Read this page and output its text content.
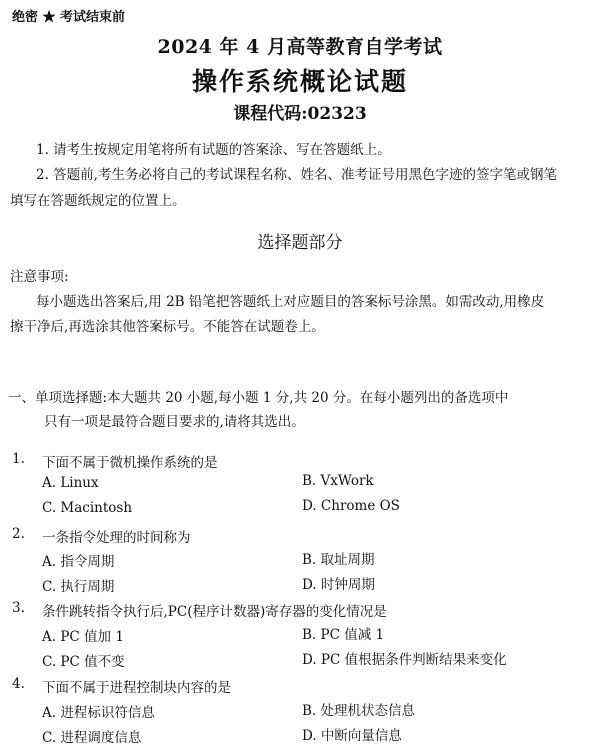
绝密 ★ 考试结束前
2024 年 4 月高等教育自学考试
操作系统概论试题
课程代码:02323
1. 请考生按规定用笔将所有试题的答案涂、写在答题纸上。
2. 答题前,考生务必将自己的考试课程名称、姓名、准考证号用黑色字迹的签字笔或钢笔
填写在答题纸规定的位置上。
选择题部分
注意事项:
每小题选出答案后,用 2B 铅笔把答题纸上对应题目的答案标号涂黑。如需改动,用橡皮
擦干净后,再选涂其他答案标号。不能答在试题卷上。
一、单项选择题:本大题共 20 小题,每小题 1 分,共 20 分。在每小题列出的备选项中
只有一项是最符合题目要求的,请将其选出。
1. 下面不属于微机操作系统的是
A. Linux	B. VxWork
C. Macintosh	D. Chrome OS
2. 一条指令处理的时间称为
A. 指令周期	B. 取址周期
C. 执行周期	D. 时钟周期
3. 条件跳转指令执行后,PC(程序计数器)寄存器的变化情况是
A. PC 值加 1	B. PC 值减 1
C. PC 值不变	D. PC 值根据条件判断结果来变化
4. 下面不属于进程控制块内容的是
A. 进程标识符信息	B. 处理机状态信息
C. 进程调度信息	D. 中断向量信息
